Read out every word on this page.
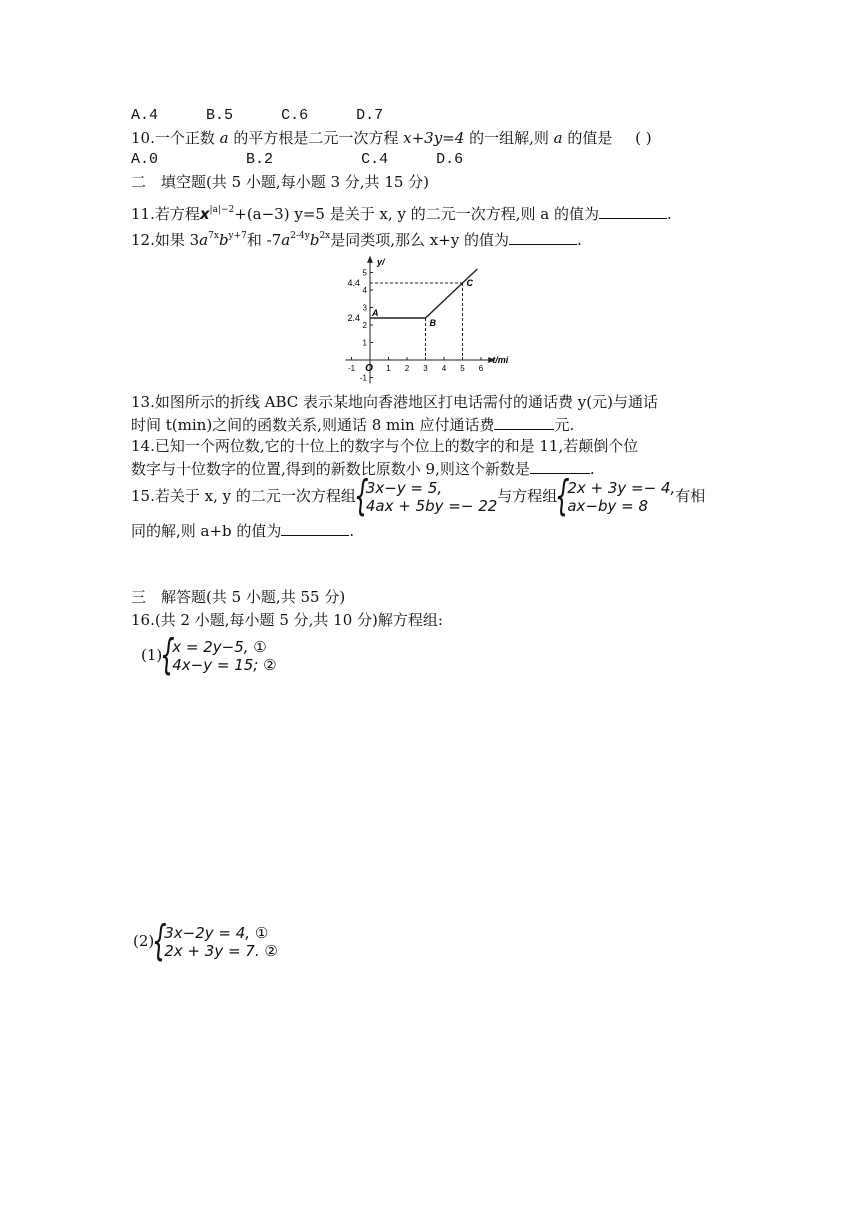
A.4	B.5	C.6	D.7
10.一个正数 a 的平方根是二元一次方程 x+3y=4 的一组解,则 a 的值是 ( )
A.0	B.2	C.4	D.6
二　填空题(共 5 小题,每小题 3 分,共 15 分)
11.若方程$x^{|a|-2}+(a-3)$ y=5 是关于 x, y 的二元一次方程,则 a 的值为	.
12.如果 $3a^{7x}b^{y+7}$和 $-7a^{2-4y}b^{2x}$是同类项,那么 x+y 的值为	.
-1 O 1 2 3 4 5 6
-1
1
2
3
4
5
2.4
4.4
y/
t/mi
A
B
C
13.如图所示的折线 ABC 表示某地向香港地区打电话需付的通话费 y(元)与通话
时间 t(min)之间的函数关系,则通话 8 min 应付通话费	元.
14.已知一个两位数,它的十位上的数字与个位上的数字的和是 11,若颠倒个位
数字与十位数字的位置,得到的新数比原数小 9,则这个新数是	.
15.若关于 x, y 的二元一次方程组
{
3x−y = 5,
4ax + 5by =− 22
与方程组
{
2x + 3y =− 4,
ax−by = 8
有相
同的解,则 a+b 的值为	.
三　解答题(共 5 小题,共 55 分)
16.(共 2 小题,每小题 5 分,共 10 分)解方程组:
(1)
{
x = 2y−5, ①
4x−y = 15; ②
(2)
{
3x−2y = 4, ①
2x + 3y = 7. ②
